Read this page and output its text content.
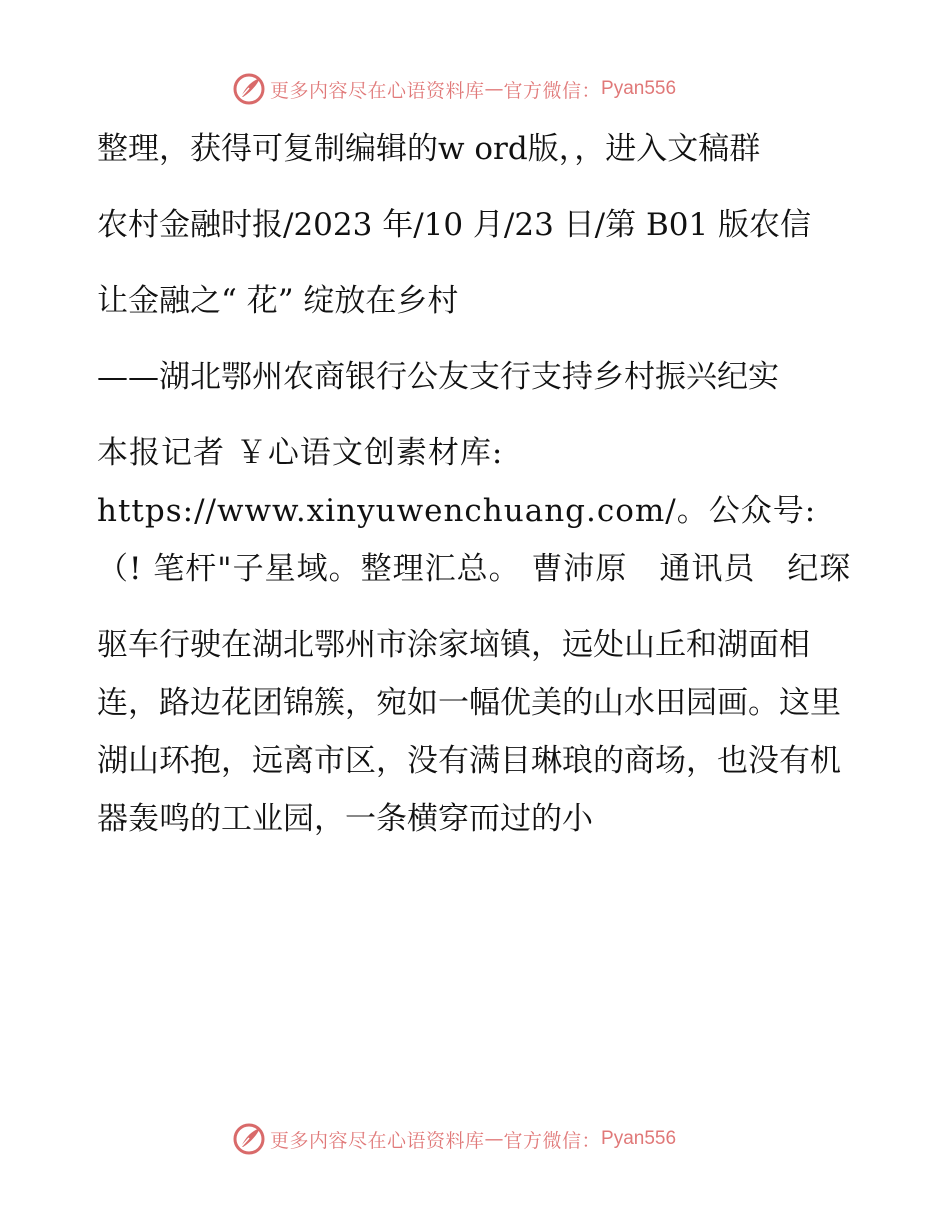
更多内容尽在心语资料库 — 官方微信： Pyan556

整理，获得可复制编辑的w ord版，，进入文稿群

农村金融时报/2023 年/10 月/23 日/第 B01 版农信

让金融之“ 花” 绽放在乡村

——湖北鄂州农商银行公友支行支持乡村振兴纪实

本报记者 ￥心语文创素材库: https://www.xinyuwenchuang.com/。公众号: （! 笔杆"子星域。整理汇总。 曹沛原　通讯员　纪琛

驱车行驶在湖北鄂州市涂家垴镇，远处山丘和湖面相连，路边花团锦簇，宛如一幅优美的山水田园画。这里湖山环抱，远离市区，没有满目琳琅的商场，也没有机器轰鸣的工业园，一条横穿而过的小

更多内容尽在心语资料库 — 官方微信： Pyan556
